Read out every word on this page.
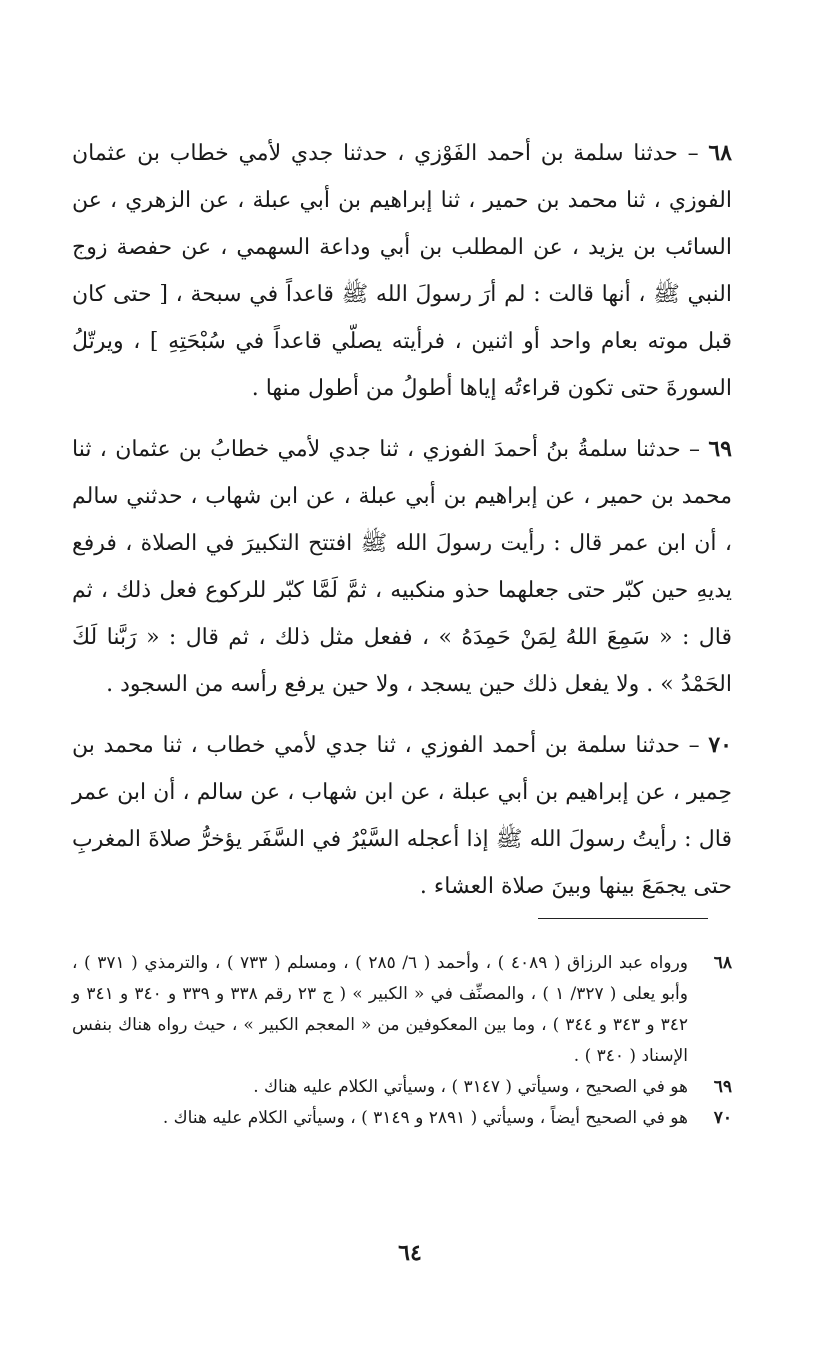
٦٨ – حدثنا سلمة بن أحمد الفَوْزي ، حدثنا جدي لأمي خطاب بن عثمان الفوزي ، ثنا محمد بن حمير ، ثنا إبراهيم بن أبي عبلة ، عن الزهري ، عن السائب بن يزيد ، عن المطلب بن أبي وداعة السهمي ، عن حفصة زوج النبي ﷺ ، أنها قالت : لم أرَ رسولَ الله ﷺ قاعداً في سبحة ، [ حتى كان قبل موته بعام واحد أو اثنين ، فرأيته يصلّي قاعداً في سُبْحَتِهِ ] ، ويرتّلُ السورةَ حتى تكون قراءتُه إياها أطولُ من أطول منها .

٦٩ – حدثنا سلمةُ بنُ أحمدَ الفوزي ، ثنا جدي لأمي خطابُ بن عثمان ، ثنا محمد بن حمير ، عن إبراهيم بن أبي عبلة ، عن ابن شهاب ، حدثني سالم ، أن ابن عمر قال : رأيت رسولَ الله ﷺ افتتح التكبيرَ في الصلاة ، فرفع يديهِ حين كبّر حتى جعلهما حذو منكبيه ، ثمَّ لَمَّا كبّر للركوع فعل ذلك ، ثم قال : « سَمِعَ اللهُ لِمَنْ حَمِدَهُ » ، ففعل مثل ذلك ، ثم قال : « رَبَّنا لَكَ الحَمْدُ » . ولا يفعل ذلك حين يسجد ، ولا حين يرفع رأسه من السجود .

٧٠ – حدثنا سلمة بن أحمد الفوزي ، ثنا جدي لأمي خطاب ، ثنا محمد بن حِمير ، عن إبراهيم بن أبي عبلة ، عن ابن شهاب ، عن سالم ، أن ابن عمر قال : رأيتُ رسولَ الله ﷺ إذا أعجله السَّيْرُ في السَّفَر يؤخرُّ صلاةَ المغربِ حتى يجمَعَ بينها وبينَ صلاة العشاء .

٦٨
ورواه عبد الرزاق ( ٤٠٨٩ ) ، وأحمد ( ٦/ ٢٨٥ ) ، ومسلم ( ٧٣٣ ) ، والترمذي ( ٣٧١ ) ، وأبو يعلى ( ٣٢٧/ ١ ) ، والمصنِّف في « الكبير » ( ج ٢٣ رقم ٣٣٨ و ٣٣٩ و ٣٤٠ و ٣٤١ و ٣٤٢ و ٣٤٣ و ٣٤٤ ) ، وما بين المعكوفين من « المعجم الكبير » ، حيث رواه هناك بنفس الإسناد ( ٣٤٠ ) .
٦٩
هو في الصحيح ، وسيأتي ( ٣١٤٧ ) ، وسيأتي الكلام عليه هناك .
٧٠
هو في الصحيح أيضاً ، وسيأتي ( ٢٨٩١ و ٣١٤٩ ) ، وسيأتي الكلام عليه هناك .
٦٤
